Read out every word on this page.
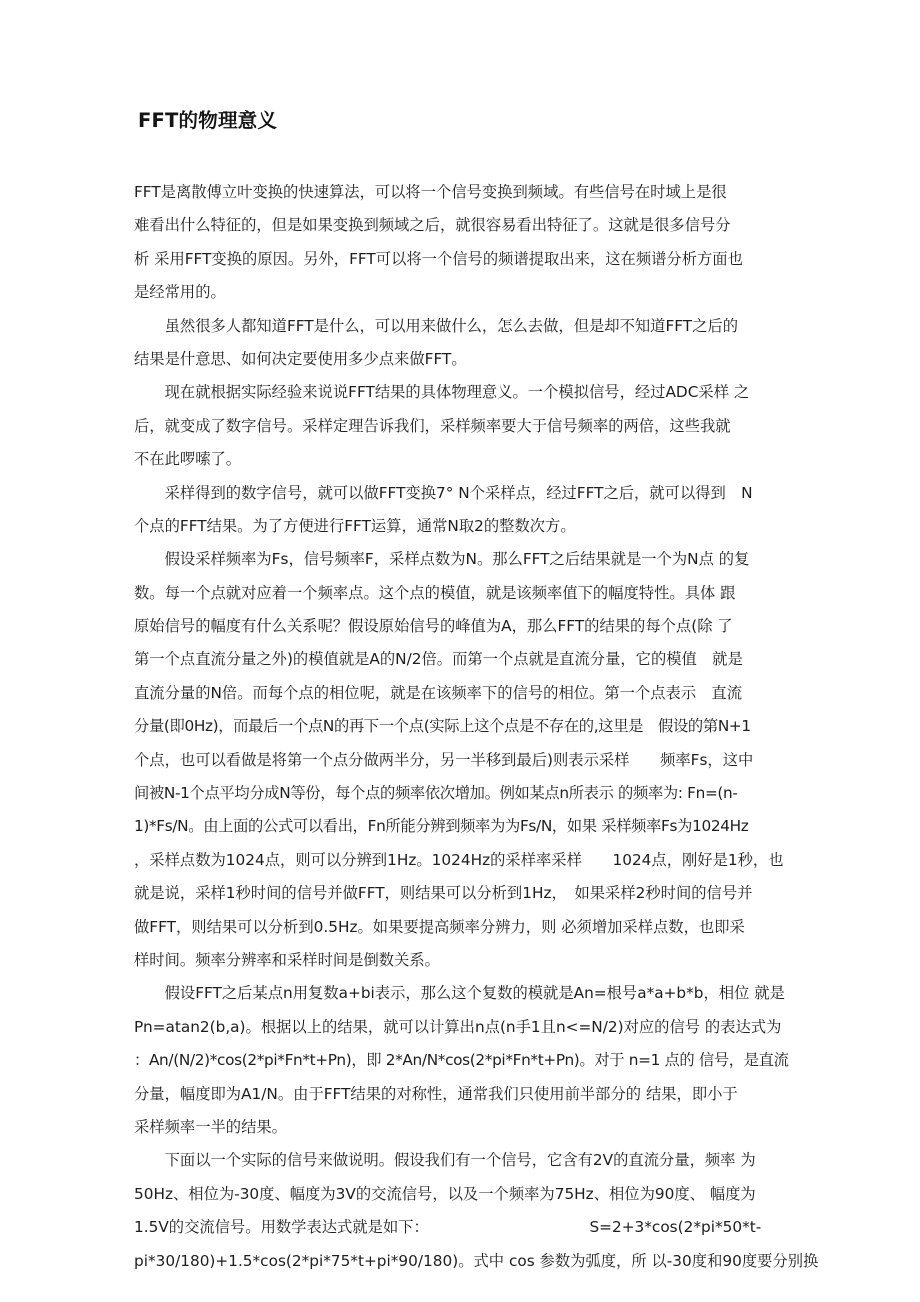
FFT的物理意义
FFT是离散傅立叶变换的快速算法，可以将一个信号变换到频域。有些信号在时域上是很
难看出什么特征的，但是如果变换到频域之后，就很容易看出特征了。这就是很多信号分
析 采用FFT变换的原因。另外，FFT可以将一个信号的频谱提取出来，这在频谱分析方面也
是经常用的。
　　虽然很多人都知道FFT是什么，可以用来做什么，怎么去做，但是却不知道FFT之后的
结果是什意思、如何决定要使用多少点来做FFT。
　　现在就根据实际经验来说说FFT结果的具体物理意义。一个模拟信号，经过ADC采样 之
后，就变成了数字信号。采样定理告诉我们，采样频率要大于信号频率的两倍，这些我就
不在此啰嗦了。
　　采样得到的数字信号，就可以做FFT变换7° N个采样点，经过FFT之后，就可以得到　N
个点的FFT结果。为了方便进行FFT运算，通常N取2的整数次方。
　　假设采样频率为Fs，信号频率F，采样点数为N。那么FFT之后结果就是一个为N点 的复
数。每一个点就对应着一个频率点。这个点的模值，就是该频率值下的幅度特性。具体 跟
原始信号的幅度有什么关系呢？假设原始信号的峰值为A，那么FFT的结果的每个点(除 了
第一个点直流分量之外)的模值就是A的N/2倍。而第一个点就是直流分量，它的模值　就是
直流分量的N倍。而每个点的相位呢，就是在该频率下的信号的相位。第一个点表示　直流
分量(即0Hz)，而最后一个点N的再下一个点(实际上这个点是不存在的,这里是　假设的第N+1
个点，也可以看做是将第一个点分做两半分，另一半移到最后)则表示采样　　频率Fs，这中
间被N-1个点平均分成N等份，每个点的频率依次增加。例如某点n所表示 的频率为: Fn=(n-
1)*Fs/N。由上面的公式可以看出，Fn所能分辨到频率为为Fs/N，如果 采样频率Fs为1024Hz
，采样点数为1024点，则可以分辨到1Hz。1024Hz的采样率采样　　1024点，刚好是1秒，也
就是说，采样1秒时间的信号并做FFT，则结果可以分析到1Hz，　如果采样2秒时间的信号并
做FFT，则结果可以分析到0.5Hz。如果要提高频率分辨力，则 必须增加采样点数，也即采
样时间。频率分辨率和采样时间是倒数关系。
　　假设FFT之后某点n用复数a+bi表示，那么这个复数的模就是An=根号a*a+b*b，相位 就是
Pn=atan2(b,a)。根据以上的结果，就可以计算出n点(n手1且n<=N/2)对应的信号 的表达式为
：An/(N/2)*cos(2*pi*Fn*t+Pn)，即 2*An/N*cos(2*pi*Fn*t+Pn)。对于 n=1 点的 信号，是直流
分量，幅度即为A1/N。由于FFT结果的对称性，通常我们只使用前半部分的 结果，即小于
采样频率一半的结果。
　　下面以一个实际的信号来做说明。假设我们有一个信号，它含有2V的直流分量，频率 为
50Hz、相位为-30度、幅度为3V的交流信号，以及一个频率为75Hz、相位为90度、 幅度为
1.5V的交流信号。用数学表达式就是如下：　　　　　　　　　　　S=2+3*cos(2*pi*50*t-
pi*30/180)+1.5*cos(2*pi*75*t+pi*90/180)。式中 cos 参数为弧度，所 以-30度和90度要分别换
